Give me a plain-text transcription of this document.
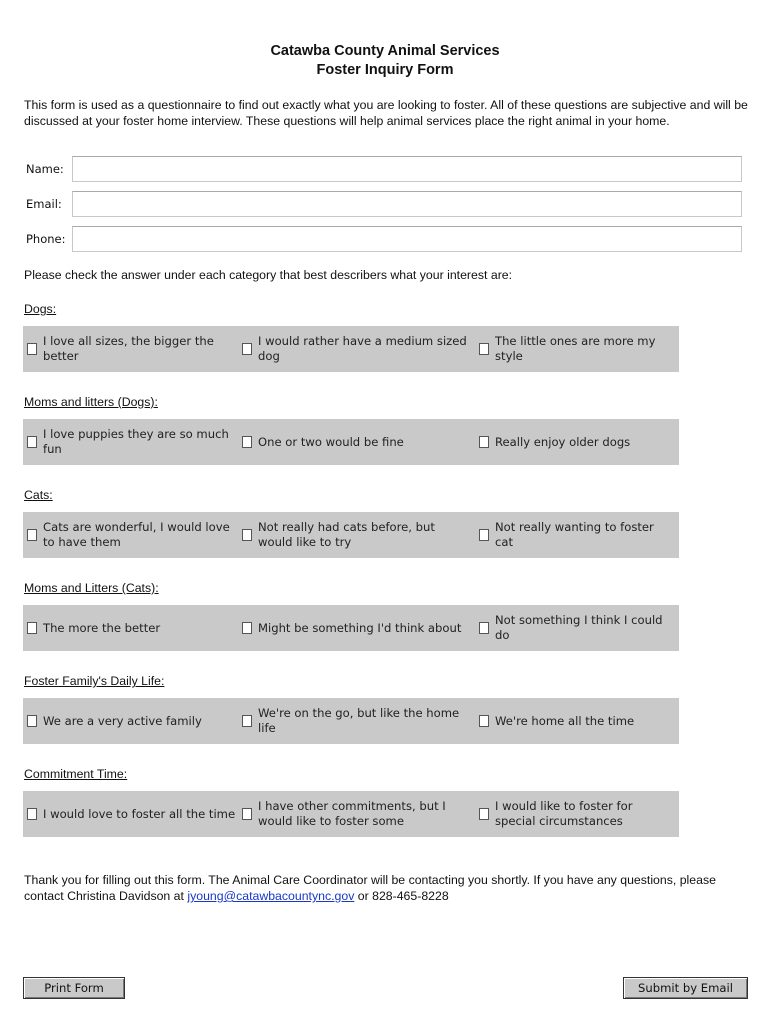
Catawba County Animal Services
Foster Inquiry Form
This form is used as a questionnaire to find out exactly what you are looking to foster. All of these questions are subjective and will be discussed at your foster home interview. These questions will help animal services place the right animal in your home.
Name:
Email:
Phone:
Please check the answer under each category that best describers what your interest are:
Dogs:
I love all sizes, the bigger the better
I would rather have a medium sized dog
The little ones are more my style
Moms and litters (Dogs):
I love puppies they are so much fun
One or two would be fine	Really enjoy older dogs
Cats:
Cats are wonderful, I would love to have them
Not really had cats before, but would like to try
Not really wanting to foster cat
Moms and Litters (Cats):
The more the better	Might be something I'd think about
Not something I think I could do
Foster Family's Daily Life:
We are a very active family
We're on the go, but like the home life
We're home all the time
Commitment Time:
I would love to foster all the time
I have other commitments, but I would like to foster some
I would like to foster for special circumstances
Thank you for filling out this form. The Animal Care Coordinator will be contacting you shortly. If you have any questions, please contact Christina Davidson at jyoung@catawbacountync.gov or 828-465-8228
Print Form	Submit by Email
